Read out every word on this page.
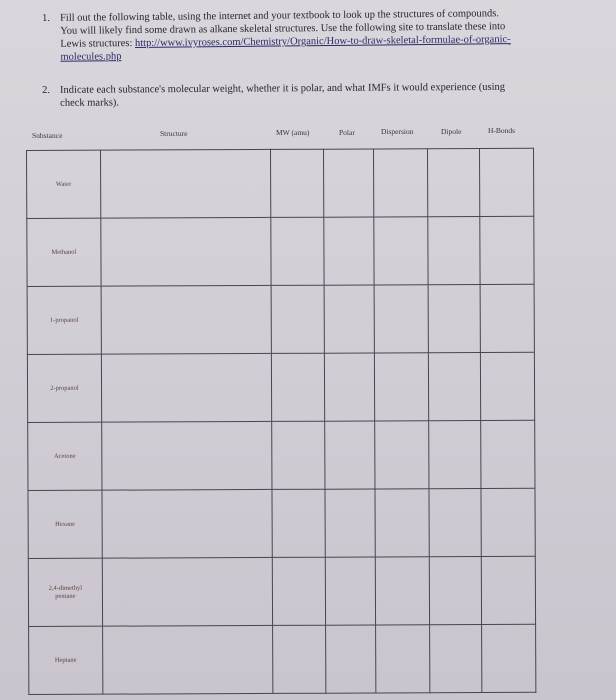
1. Fill out the following table, using the internet and your textbook to look up the structures of compounds.
You will likely find some drawn as alkane skeletal structures. Use the following site to translate these into
Lewis structures: http://www.ivyroses.com/Chemistry/Organic/How-to-draw-skeletal-formulae-of-organic-
molecules.php
2. Indicate each substance's molecular weight, whether it is polar, and what IMFs it would experience (using
check marks).
Substance	Structure	MW (amu)	Polar	Dispersion	Dipole	H-Bonds
Water						

Methanol						

1-propanol						

2-propanol						

Acetone						

Hexane						

2,4-dimethyl
pentane						

Heptane						
